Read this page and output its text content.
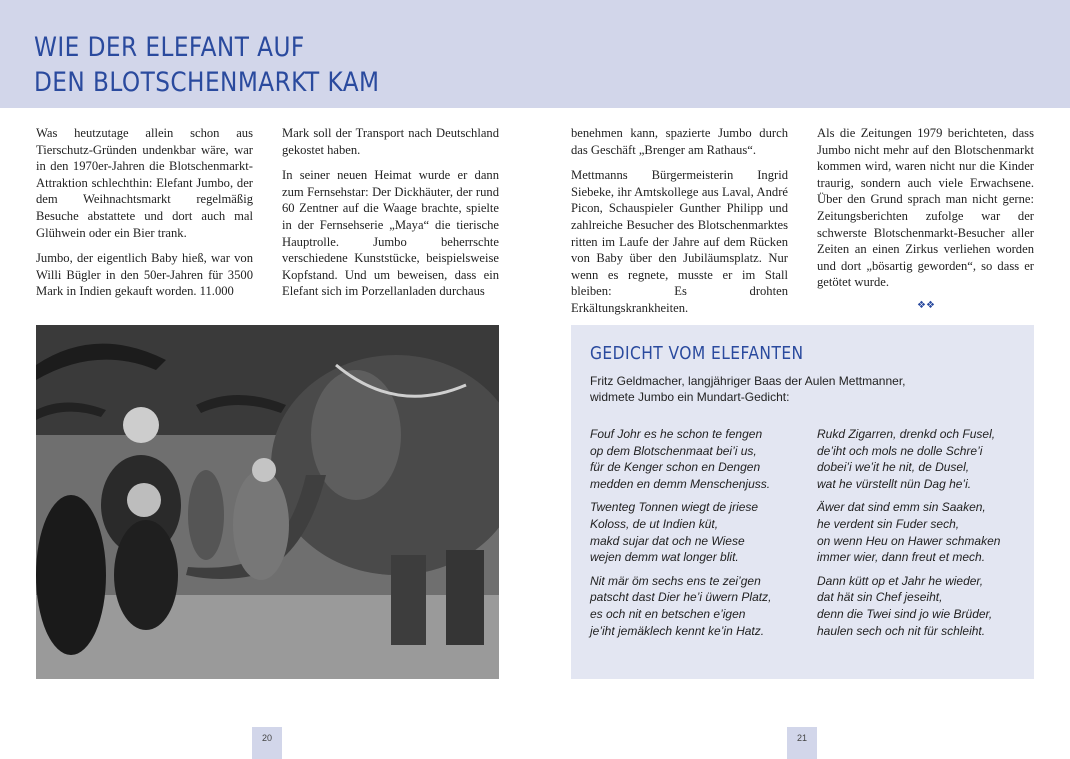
WIE DER ELEFANT AUF
DEN BLOTSCHENMARKT KAM

Was heutzutage allein schon aus Tierschutz-Gründen undenkbar wäre, war in den 1970er-Jahren die Blotschenmarkt-Attraktion schlechthin: Elefant Jumbo, der dem Weihnachtsmarkt regelmäßig Besuche abstattete und dort auch mal Glühwein oder ein Bier trank.

Jumbo, der eigentlich Baby hieß, war von Willi Bügler in den 50er-Jahren für 3500 Mark in Indien gekauft worden. 11.000

Mark soll der Transport nach Deutschland gekostet haben.

In seiner neuen Heimat wurde er dann zum Fernsehstar: Der Dickhäuter, der rund 60 Zentner auf die Waage brachte, spielte in der Fernsehserie „Maya“ die tierische Hauptrolle. Jumbo beherrschte verschiedene Kunststücke, beispielsweise Kopfstand. Und um beweisen, dass ein Elefant sich im Porzellanladen durchaus

benehmen kann, spazierte Jumbo durch das Geschäft „Brenger am Rathaus“.

Mettmanns Bürgermeisterin Ingrid Siebeke, ihr Amtskollege aus Laval, André Picon, Schauspieler Gunther Philipp und zahlreiche Besucher des Blotschenmarktes ritten im Laufe der Jahre auf dem Rücken von Baby über den Jubiläumsplatz. Nur wenn es regnete, musste er im Stall bleiben: Es drohten Erkältungskrankheiten.

Als die Zeitungen 1979 berichteten, dass Jumbo nicht mehr auf den Blotschenmarkt kommen wird, waren nicht nur die Kinder traurig, sondern auch viele Erwachsene. Über den Grund sprach man nicht gerne: Zeitungsberichten zufolge war der schwerste Blotschenmarkt-Besucher aller Zeiten an einen Zirkus verliehen worden und dort „bösartig geworden“, so dass er getötet wurde.

❖❖
GEDICHT VOM ELEFANTEN
Fritz Geldmacher, langjähriger Baas der Aulen Mettmanner,
widmete Jumbo ein Mundart-Gedicht:
Fouf Johr es he schon te fengen
op dem Blotschenmaat bei’i us,
für de Kenger schon en Dengen
medden en demm Menschenjuss.
Twenteg Tonnen wiegt de jriese
Koloss, de ut Indien küt,
makd sujar dat och ne Wiese
wejen demm wat longer blit.
Nit mär öm sechs ens te zei’gen
patscht dast Dier he’i üwern Platz,
es och nit en betschen e’igen
je’iht jemäklech kennt ke’in Hatz.
Rukd Zigarren, drenkd och Fusel,
de’iht och mols ne dolle Schre’i
dobei’i we’it he nit, de Dusel,
wat he vürstellt nün Dag he’i.
Äwer dat sind emm sin Saaken,
he verdent sin Fuder sech,
on wenn Heu on Hawer schmaken
immer wier, dann freut et mech.
Dann kütt op et Jahr he wieder,
dat hät sin Chef jeseiht,
denn die Twei sind jo wie Brüder,
haulen sech och nit für schleiht.
20	21
